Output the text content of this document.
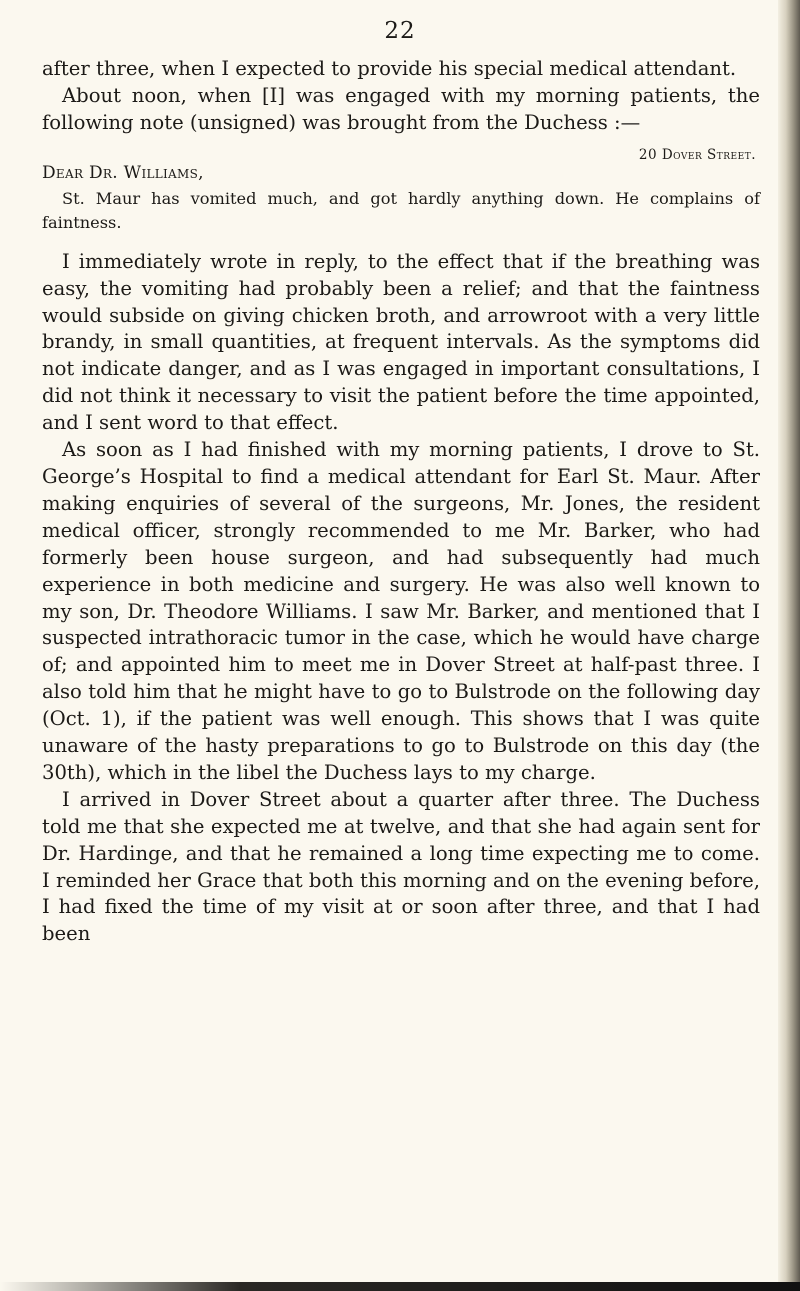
22

after three, when I expected to provide his special medical attendant.

About noon, when [I] was engaged with my morning patients, the following note (unsigned) was brought from the Duchess :—

20 Dover Street.
Dear Dr. Williams,

St. Maur has vomited much, and got hardly anything down. He complains of faintness.

I immediately wrote in reply, to the effect that if the breathing was easy, the vomiting had probably been a relief; and that the faintness would subside on giving chicken broth, and arrowroot with a very little brandy, in small quantities, at frequent intervals. As the symptoms did not indicate danger, and as I was engaged in important consultations, I did not think it necessary to visit the patient before the time appointed, and I sent word to that effect.

As soon as I had finished with my morning patients, I drove to St. George’s Hospital to find a medical attendant for Earl St. Maur. After making enquiries of several of the surgeons, Mr. Jones, the resident medical officer, strongly recommended to me Mr. Barker, who had formerly been house surgeon, and had subsequently had much experience in both medicine and surgery. He was also well known to my son, Dr. Theodore Williams. I saw Mr. Barker, and mentioned that I suspected intrathoracic tumor in the case, which he would have charge of; and appointed him to meet me in Dover Street at half-past three. I also told him that he might have to go to Bulstrode on the following day (Oct. 1), if the patient was well enough. This shows that I was quite unaware of the hasty preparations to go to Bulstrode on this day (the 30th), which in the libel the Duchess lays to my charge.

I arrived in Dover Street about a quarter after three. The Duchess told me that she expected me at twelve, and that she had again sent for Dr. Hardinge, and that he remained a long time expecting me to come. I reminded her Grace that both this morning and on the evening before, I had fixed the time of my visit at or soon after three, and that I had been
